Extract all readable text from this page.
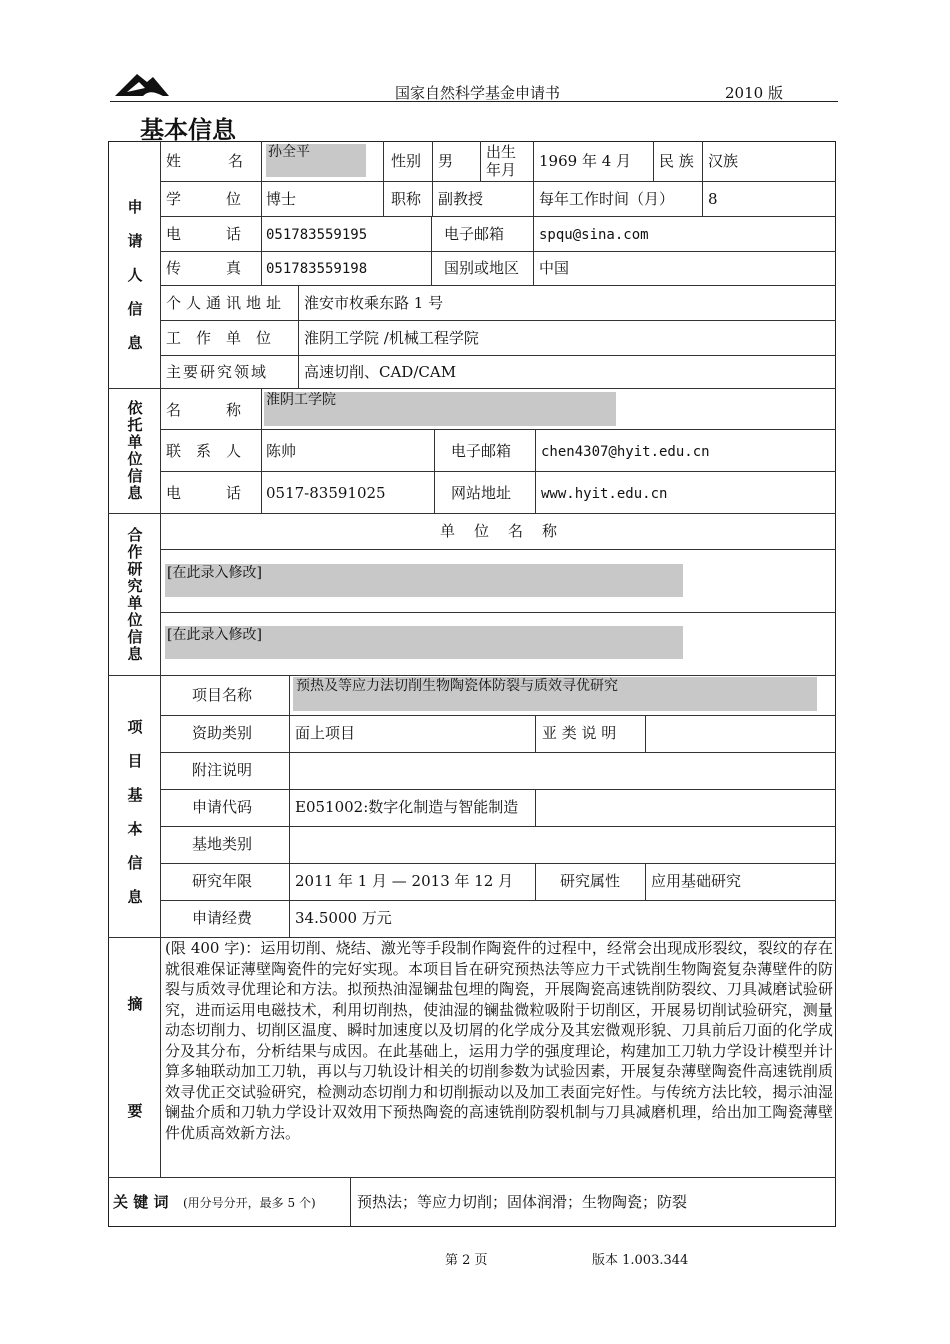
国家自然科学基金申请书	2010 版
基本信息
申
请
人
信
息
姓　　　名 孙全平	性别 男 出生
年月 1969 年 4 月 民 族 汉族
学　　　位 博士	职称 副教授	每年工作时间（月） 8
电　　　话 051783559195	电子邮箱 spqu@sina.com
传　　　真 051783559198	国别或地区 中国
个人通讯地址 淮安市枚乘东路 1 号
工　作　单　位 淮阴工学院 /机械工程学院
主要研究领域 高速切削、CAD/CAM
依
托
单
位
信
息
名　　　称
淮阴工学院
联　系　人 陈帅	电子邮箱 chen4307@hyit.edu.cn
电　　　话 0517-83591025	网站地址 www.hyit.edu.cn
合
作
研
究
单
位
信
息
单　位　名　称
[在此录入修改]
[在此录入修改]
项
目
基
本
信
息
项目名称	预热及等应力法切削生物陶瓷体防裂与质效寻优研究
资助类别	面上项目	亚 类 说 明
附注说明
申请代码	E051002:数字化制造与智能制造
基地类别
研究年限	2011 年 1 月 — 2013 年 12 月	研究属性 应用基础研究
申请经费	34.5000 万元
摘
要
(限 400 字)：运用切削、烧结、激光等手段制作陶瓷件的过程中，经常会出现成形裂纹，裂纹的存在就很难保证薄壁陶瓷件的完好实现。本项目旨在研究预热法等应力干式铣削生物陶瓷复杂薄壁件的防裂与质效寻优理论和方法。拟预热油湿镧盐包埋的陶瓷，开展陶瓷高速铣削防裂纹、刀具减磨试验研究，进而运用电磁技术，利用切削热，使油湿的镧盐微粒吸附于切削区，开展易切削试验研究，测量动态切削力、切削区温度、瞬时加速度以及切屑的化学成分及其宏微观形貌、刀具前后刀面的化学成分及其分布，分析结果与成因。在此基础上，运用力学的强度理论，构建加工刀轨力学设计模型并计算多轴联动加工刀轨，再以与刀轨设计相关的切削参数为试验因素，开展复杂薄壁陶瓷件高速铣削质效寻优正交试验研究，检测动态切削力和切削振动以及加工表面完好性。与传统方法比较，揭示油湿镧盐介质和刀轨力学设计双效用下预热陶瓷的高速铣削防裂机制与刀具减磨机理，给出加工陶瓷薄壁件优质高效新方法。
关 键 词 (用分号分开，最多 5 个)	预热法；等应力切削；固体润滑；生物陶瓷；防裂
第 2 页	版本 1.003.344
